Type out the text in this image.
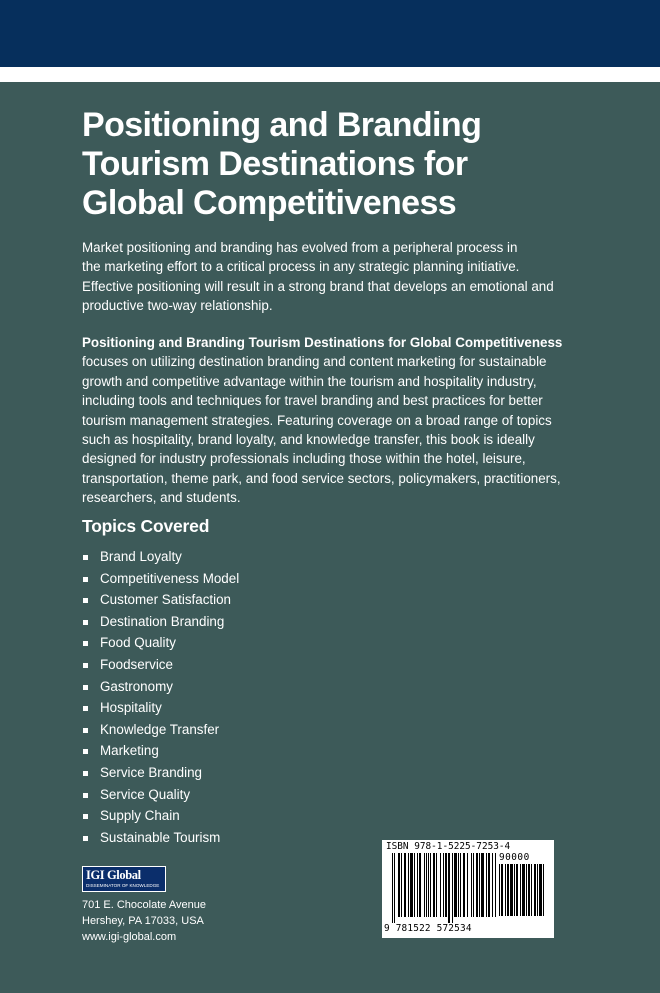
Positioning and Branding
Tourism Destinations for
Global Competitiveness

Market positioning and branding has evolved from a peripheral process in
the marketing effort to a critical process in any strategic planning initiative.
Effective positioning will result in a strong brand that develops an emotional and
productive two-way relationship.

Positioning and Branding Tourism Destinations for Global Competitiveness
focuses on utilizing destination branding and content marketing for sustainable
growth and competitive advantage within the tourism and hospitality industry,
including tools and techniques for travel branding and best practices for better
tourism management strategies. Featuring coverage on a broad range of topics
such as hospitality, brand loyalty, and knowledge transfer, this book is ideally
designed for industry professionals including those within the hotel, leisure,
transportation, theme park, and food service sectors, policymakers, practitioners,
researchers, and students.

Topics Covered
Brand Loyalty
Competitiveness Model
Customer Satisfaction
Destination Branding
Food Quality
Foodservice
Gastronomy
Hospitality
Knowledge Transfer
Marketing
Service Branding
Service Quality
Supply Chain
Sustainable Tourism
IGI Global
DISSEMINATOR OF KNOWLEDGE
701 E. Chocolate Avenue
Hershey, PA 17033, USA
www.igi-global.com
ISBN 978-1-5225-7253-4
90000
9 781522 572534
